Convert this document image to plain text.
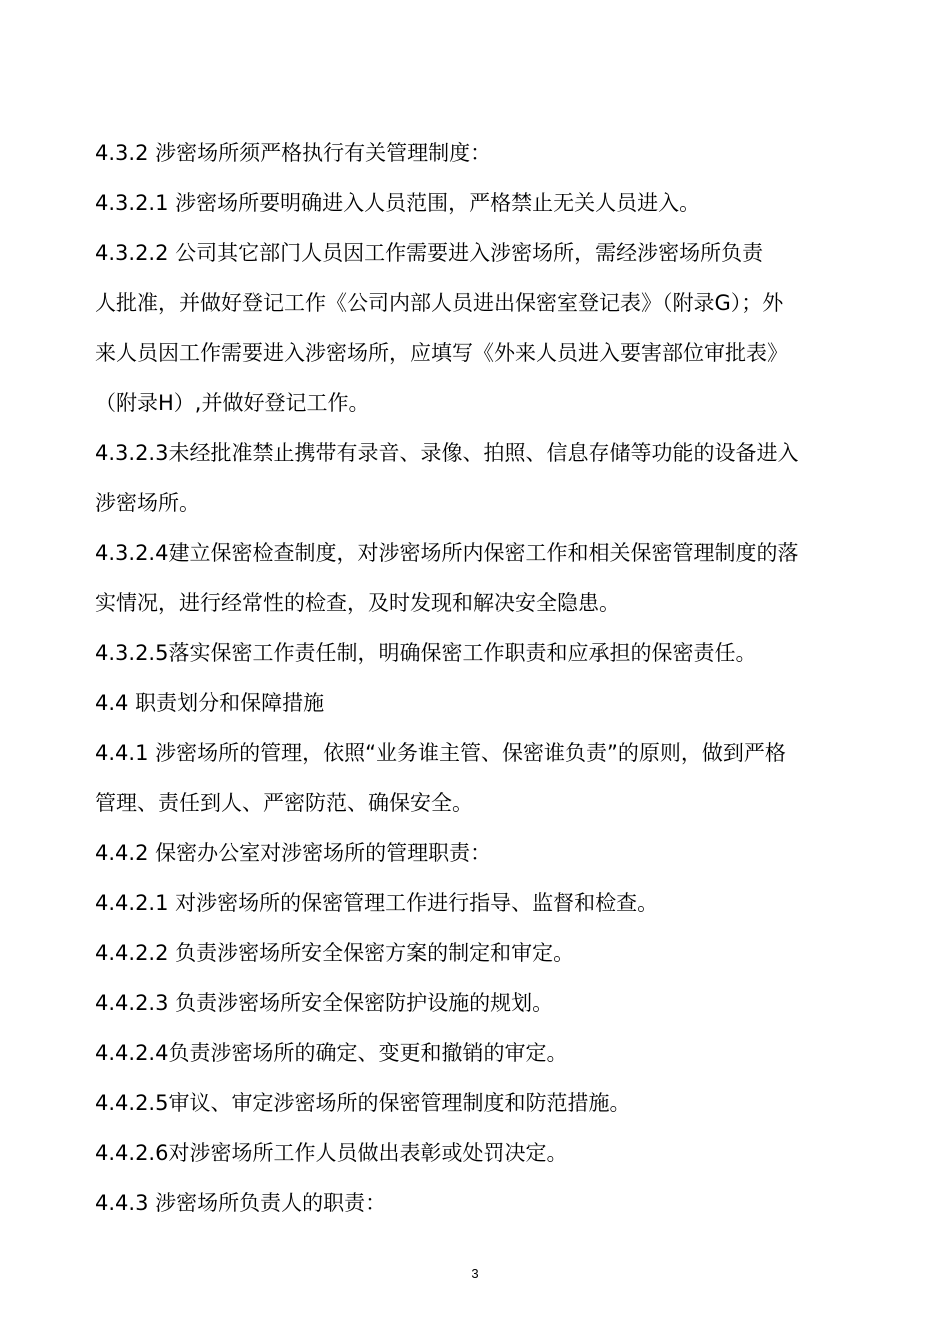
4.3.2 涉密场所须严格执行有关管理制度：
4.3.2.1 涉密场所要明确进入人员范围，严格禁止无关人员进入。
4.3.2.2 公司其它部门人员因工作需要进入涉密场所，需经涉密场所负责
人批准，并做好登记工作《公司内部人员进出保密室登记表》（附录G）；外
来人员因工作需要进入涉密场所，应填写《外来人员进入要害部位审批表》
（附录H）,并做好登记工作。
4.3.2.3未经批准禁止携带有录音、录像、拍照、信息存储等功能的设备进入
涉密场所。
4.3.2.4建立保密检查制度，对涉密场所内保密工作和相关保密管理制度的落
实情况，进行经常性的检查，及时发现和解决安全隐患。
4.3.2.5落实保密工作责任制，明确保密工作职责和应承担的保密责任。
4.4 职责划分和保障措施
4.4.1 涉密场所的管理，依照“业务谁主管、保密谁负责”的原则，做到严格
管理、责任到人、严密防范、确保安全。
4.4.2 保密办公室对涉密场所的管理职责：
4.4.2.1 对涉密场所的保密管理工作进行指导、监督和检查。
4.4.2.2 负责涉密场所安全保密方案的制定和审定。
4.4.2.3 负责涉密场所安全保密防护设施的规划。
4.4.2.4负责涉密场所的确定、变更和撤销的审定。
4.4.2.5审议、审定涉密场所的保密管理制度和防范措施。
4.4.2.6对涉密场所工作人员做出表彰或处罚决定。
4.4.3 涉密场所负责人的职责：
3
